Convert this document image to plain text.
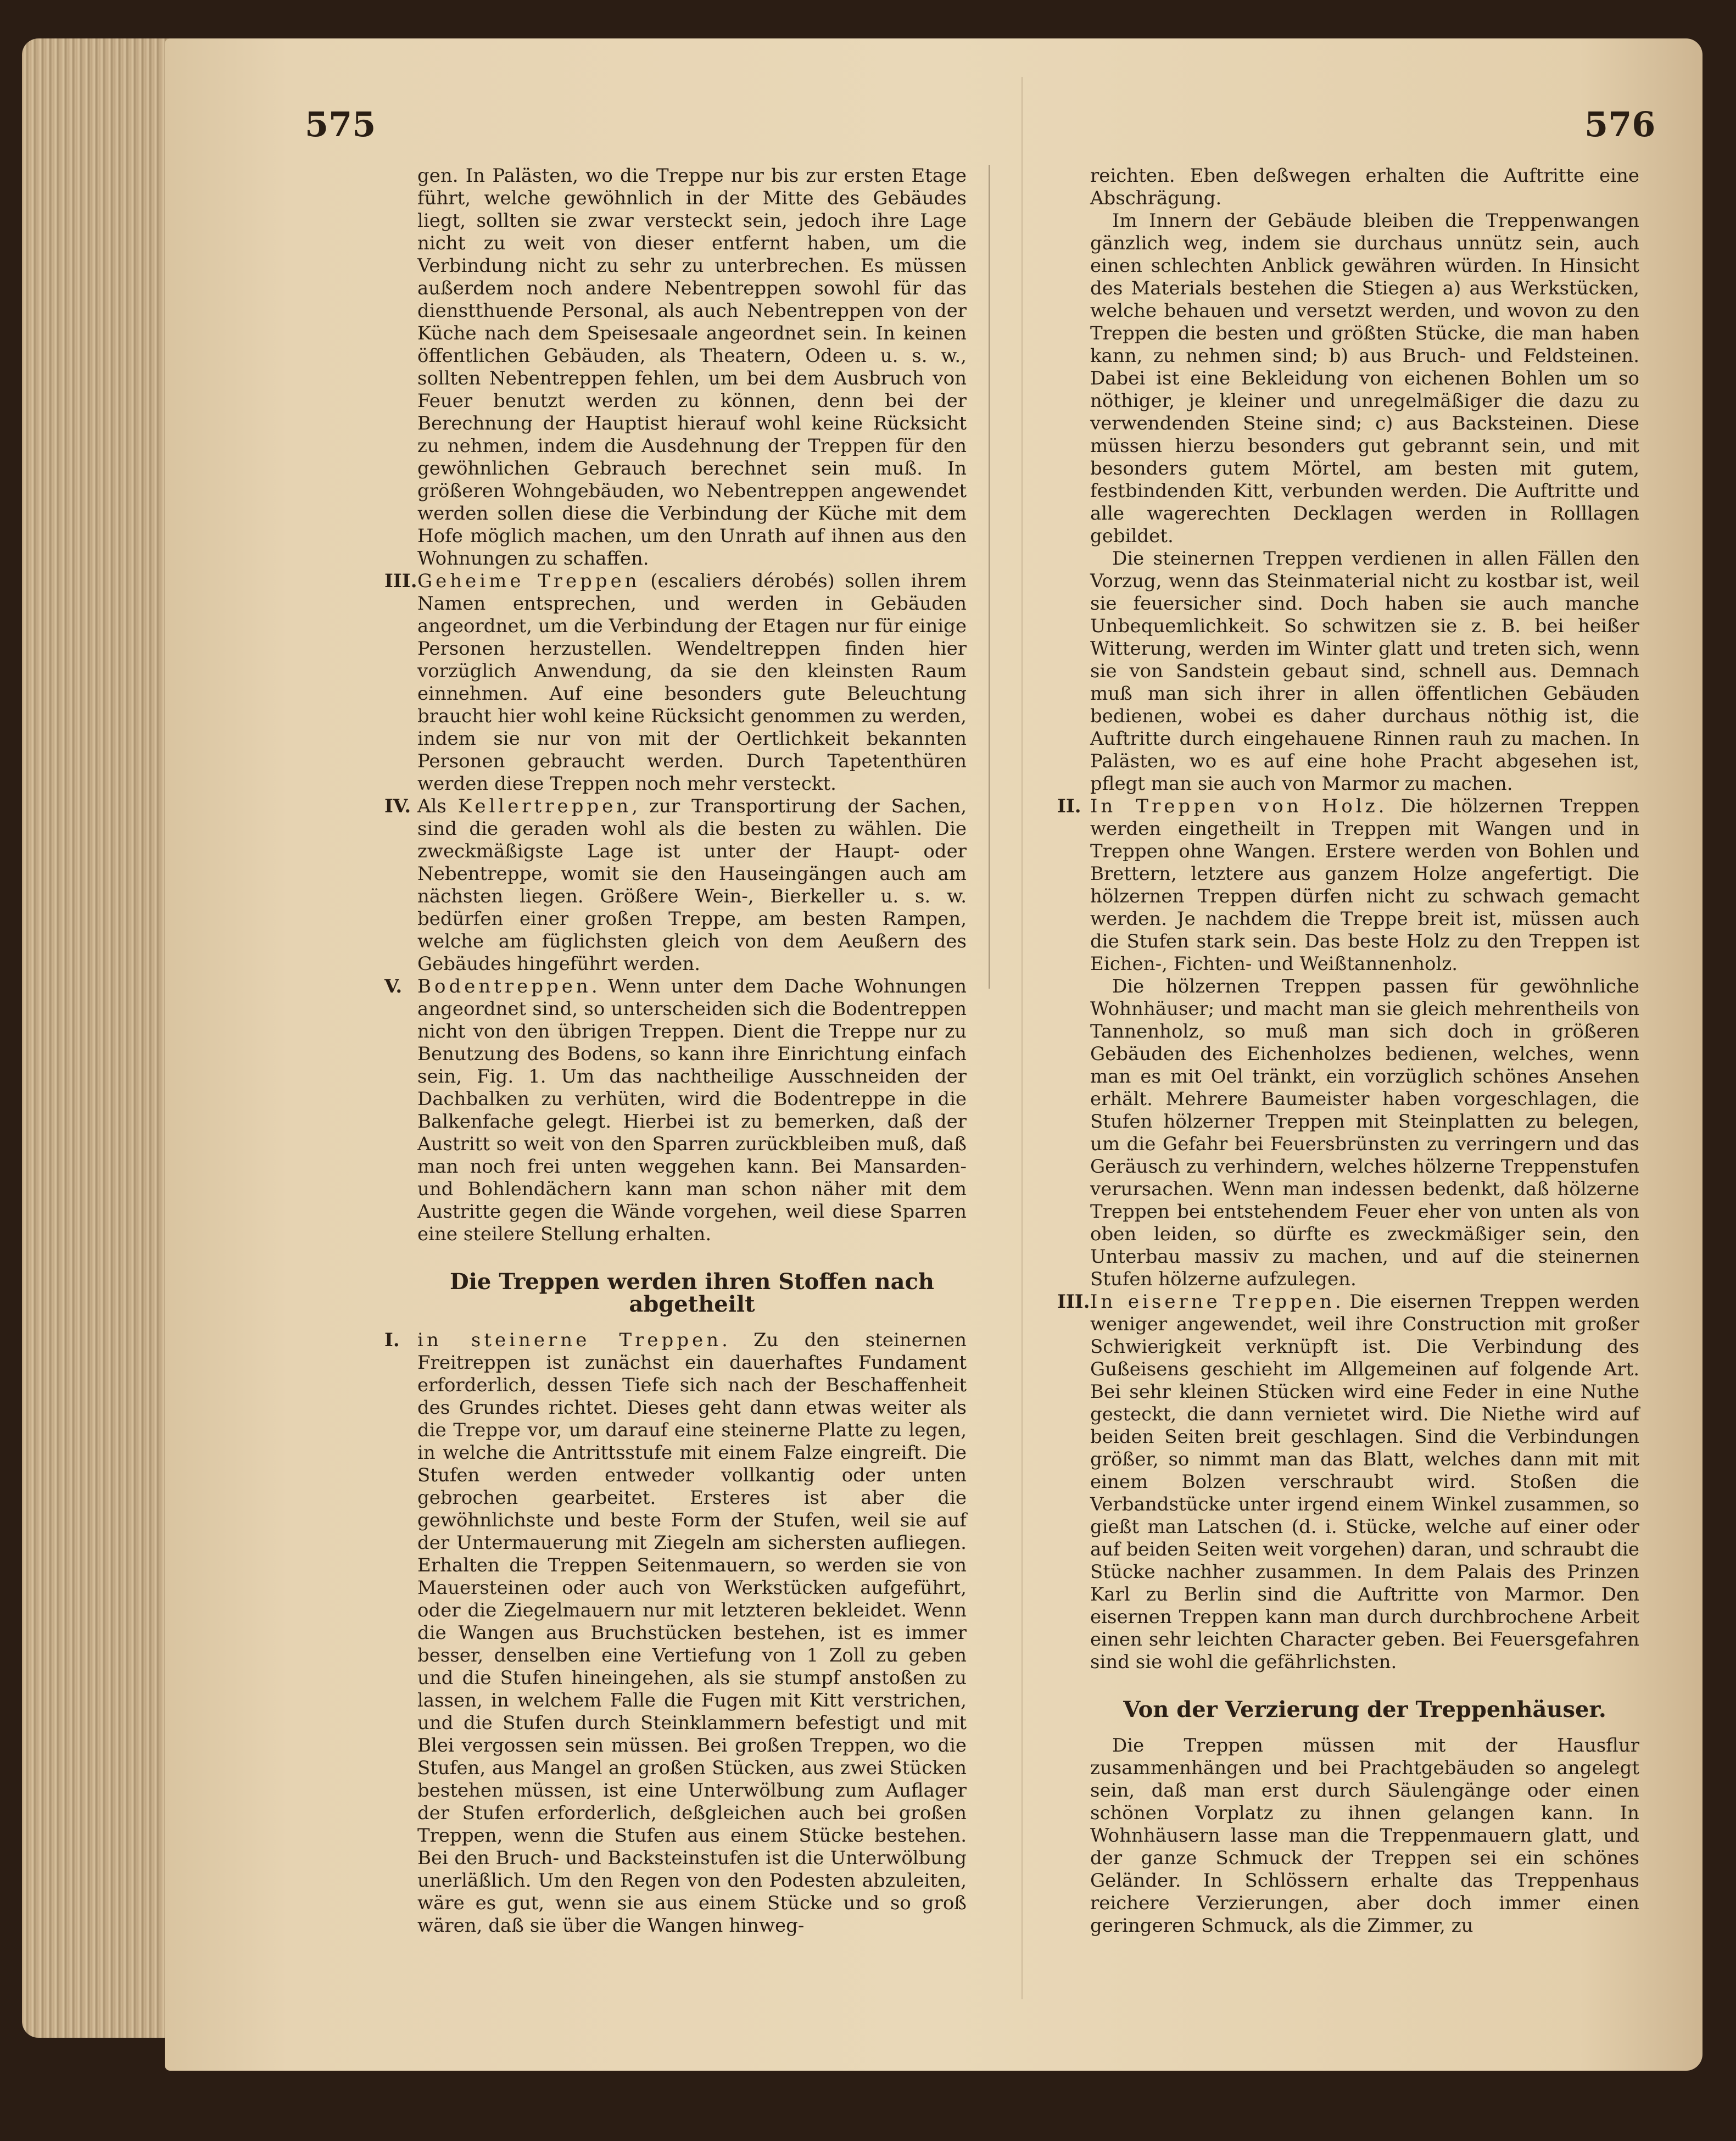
575	576

gen. In Palästen, wo die Treppe nur bis zur ersten Etage führt, welche gewöhnlich in der Mitte des Gebäudes liegt, sollten sie zwar versteckt sein, jedoch ihre Lage nicht zu weit von dieser entfernt haben, um die Verbindung nicht zu sehr zu unterbrechen. Es müssen außerdem noch andere Nebentreppen sowohl für das dienstthuende Personal, als auch Nebentreppen von der Küche nach dem Speisesaale angeordnet sein. In keinen öffentlichen Gebäuden, als Theatern, Odeen u. s. w., sollten Nebentreppen fehlen, um bei dem Ausbruch von Feuer benutzt werden zu können, denn bei der Berechnung der Hauptist hierauf wohl keine Rücksicht zu nehmen, indem die Ausdehnung der Treppen für den gewöhnlichen Gebrauch berechnet sein muß. In größeren Wohngebäuden, wo Nebentreppen angewendet werden sollen diese die Verbindung der Küche mit dem Hofe möglich machen, um den Unrath auf ihnen aus den Wohnungen zu schaffen.

III. Geheime Treppen (escaliers dérobés) sollen ihrem Namen entsprechen, und werden in Gebäuden angeordnet, um die Verbindung der Etagen nur für einige Personen herzustellen. Wendeltreppen finden hier vorzüglich Anwendung, da sie den kleinsten Raum einnehmen. Auf eine besonders gute Beleuchtung braucht hier wohl keine Rücksicht genommen zu werden, indem sie nur von mit der Oertlichkeit bekannten Personen gebraucht werden. Durch Tapetenthüren werden diese Treppen noch mehr versteckt.
IV. Als Kellertreppen, zur Transportirung der Sachen, sind die geraden wohl als die besten zu wählen. Die zweckmäßigste Lage ist unter der Haupt- oder Nebentreppe, womit sie den Hauseingängen auch am nächsten liegen. Größere Wein-, Bierkeller u. s. w. bedürfen einer großen Treppe, am besten Rampen, welche am füglichsten gleich von dem Aeußern des Gebäudes hingeführt werden.
V. Bodentreppen. Wenn unter dem Dache Wohnungen angeordnet sind, so unterscheiden sich die Bodentreppen nicht von den übrigen Treppen. Dient die Treppe nur zu Benutzung des Bodens, so kann ihre Einrichtung einfach sein, Fig. 1. Um das nachtheilige Ausschneiden der Dachbalken zu verhüten, wird die Bodentreppe in die Balkenfache gelegt. Hierbei ist zu bemerken, daß der Austritt so weit von den Sparren zurückbleiben muß, daß man noch frei unten weggehen kann. Bei Mansarden- und Bohlendächern kann man schon näher mit dem Austritte gegen die Wände vorgehen, weil diese Sparren eine steilere Stellung erhalten.
Die Treppen werden ihren Stoffen nach abgetheilt
I. in steinerne Treppen. Zu den steinernen Freitreppen ist zunächst ein dauerhaftes Fundament erforderlich, dessen Tiefe sich nach der Beschaffenheit des Grundes richtet. Dieses geht dann etwas weiter als die Treppe vor, um darauf eine steinerne Platte zu legen, in welche die Antrittsstufe mit einem Falze eingreift. Die Stufen werden entweder vollkantig oder unten gebrochen gearbeitet. Ersteres ist aber die gewöhnlichste und beste Form der Stufen, weil sie auf der Untermauerung mit Ziegeln am sichersten aufliegen. Erhalten die Treppen Seitenmauern, so werden sie von Mauersteinen oder auch von Werkstücken aufgeführt, oder die Ziegelmauern nur mit letzteren bekleidet. Wenn die Wangen aus Bruchstücken bestehen, ist es immer besser, denselben eine Vertiefung von 1 Zoll zu geben und die Stufen hineingehen, als sie stumpf anstoßen zu lassen, in welchem Falle die Fugen mit Kitt verstrichen, und die Stufen durch Steinklammern befestigt und mit Blei vergossen sein müssen. Bei großen Treppen, wo die Stufen, aus Mangel an großen Stücken, aus zwei Stücken bestehen müssen, ist eine Unterwölbung zum Auflager der Stufen erforderlich, deßgleichen auch bei großen Treppen, wenn die Stufen aus einem Stücke bestehen. Bei den Bruch- und Backsteinstufen ist die Unterwölbung unerläßlich. Um den Regen von den Podesten abzuleiten, wäre es gut, wenn sie aus einem Stücke und so groß wären, daß sie über die Wangen hinweg-

reichten. Eben deßwegen erhalten die Auftritte eine Abschrägung.

Im Innern der Gebäude bleiben die Treppenwangen gänzlich weg, indem sie durchaus unnütz sein, auch einen schlechten Anblick gewähren würden. In Hinsicht des Materials bestehen die Stiegen a) aus Werkstücken, welche behauen und versetzt werden, und wovon zu den Treppen die besten und größten Stücke, die man haben kann, zu nehmen sind; b) aus Bruch- und Feldsteinen. Dabei ist eine Bekleidung von eichenen Bohlen um so nöthiger, je kleiner und unregelmäßiger die dazu zu verwendenden Steine sind; c) aus Backsteinen. Diese müssen hierzu besonders gut gebrannt sein, und mit besonders gutem Mörtel, am besten mit gutem, festbindenden Kitt, verbunden werden. Die Auftritte und alle wagerechten Decklagen werden in Rolllagen gebildet.

Die steinernen Treppen verdienen in allen Fällen den Vorzug, wenn das Steinmaterial nicht zu kostbar ist, weil sie feuersicher sind. Doch haben sie auch manche Unbequemlichkeit. So schwitzen sie z. B. bei heißer Witterung, werden im Winter glatt und treten sich, wenn sie von Sandstein gebaut sind, schnell aus. Demnach muß man sich ihrer in allen öffentlichen Gebäuden bedienen, wobei es daher durchaus nöthig ist, die Auftritte durch eingehauene Rinnen rauh zu machen. In Palästen, wo es auf eine hohe Pracht abgesehen ist, pflegt man sie auch von Marmor zu machen.

II. In Treppen von Holz. Die hölzernen Treppen werden eingetheilt in Treppen mit Wangen und in Treppen ohne Wangen. Erstere werden von Bohlen und Brettern, letztere aus ganzem Holze angefertigt. Die hölzernen Treppen dürfen nicht zu schwach gemacht werden. Je nachdem die Treppe breit ist, müssen auch die Stufen stark sein. Das beste Holz zu den Treppen ist Eichen-, Fichten- und Weißtannenholz.

Die hölzernen Treppen passen für gewöhnliche Wohnhäuser; und macht man sie gleich mehrentheils von Tannenholz, so muß man sich doch in größeren Gebäuden des Eichenholzes bedienen, welches, wenn man es mit Oel tränkt, ein vorzüglich schönes Ansehen erhält. Mehrere Baumeister haben vorgeschlagen, die Stufen hölzerner Treppen mit Steinplatten zu belegen, um die Gefahr bei Feuersbrünsten zu verringern und das Geräusch zu verhindern, welches hölzerne Treppenstufen verursachen. Wenn man indessen bedenkt, daß hölzerne Treppen bei entstehendem Feuer eher von unten als von oben leiden, so dürfte es zweckmäßiger sein, den Unterbau massiv zu machen, und auf die steinernen Stufen hölzerne aufzulegen.

III. In eiserne Treppen. Die eisernen Treppen werden weniger angewendet, weil ihre Construction mit großer Schwierigkeit verknüpft ist. Die Verbindung des Gußeisens geschieht im Allgemeinen auf folgende Art. Bei sehr kleinen Stücken wird eine Feder in eine Nuthe gesteckt, die dann vernietet wird. Die Niethe wird auf beiden Seiten breit geschlagen. Sind die Verbindungen größer, so nimmt man das Blatt, welches dann mit mit einem Bolzen verschraubt wird. Stoßen die Verbandstücke unter irgend einem Winkel zusammen, so gießt man Latschen (d. i. Stücke, welche auf einer oder auf beiden Seiten weit vorgehen) daran, und schraubt die Stücke nachher zusammen. In dem Palais des Prinzen Karl zu Berlin sind die Auftritte von Marmor. Den eisernen Treppen kann man durch durchbrochene Arbeit einen sehr leichten Character geben. Bei Feuersgefahren sind sie wohl die gefährlichsten.
Von der Verzierung der Treppenhäuser.

Die Treppen müssen mit der Hausflur zusammenhängen und bei Prachtgebäuden so angelegt sein, daß man erst durch Säulengänge oder einen schönen Vorplatz zu ihnen gelangen kann. In Wohnhäusern lasse man die Treppenmauern glatt, und der ganze Schmuck der Treppen sei ein schönes Geländer. In Schlössern erhalte das Treppenhaus reichere Verzierungen, aber doch immer einen geringeren Schmuck, als die Zimmer, zu
